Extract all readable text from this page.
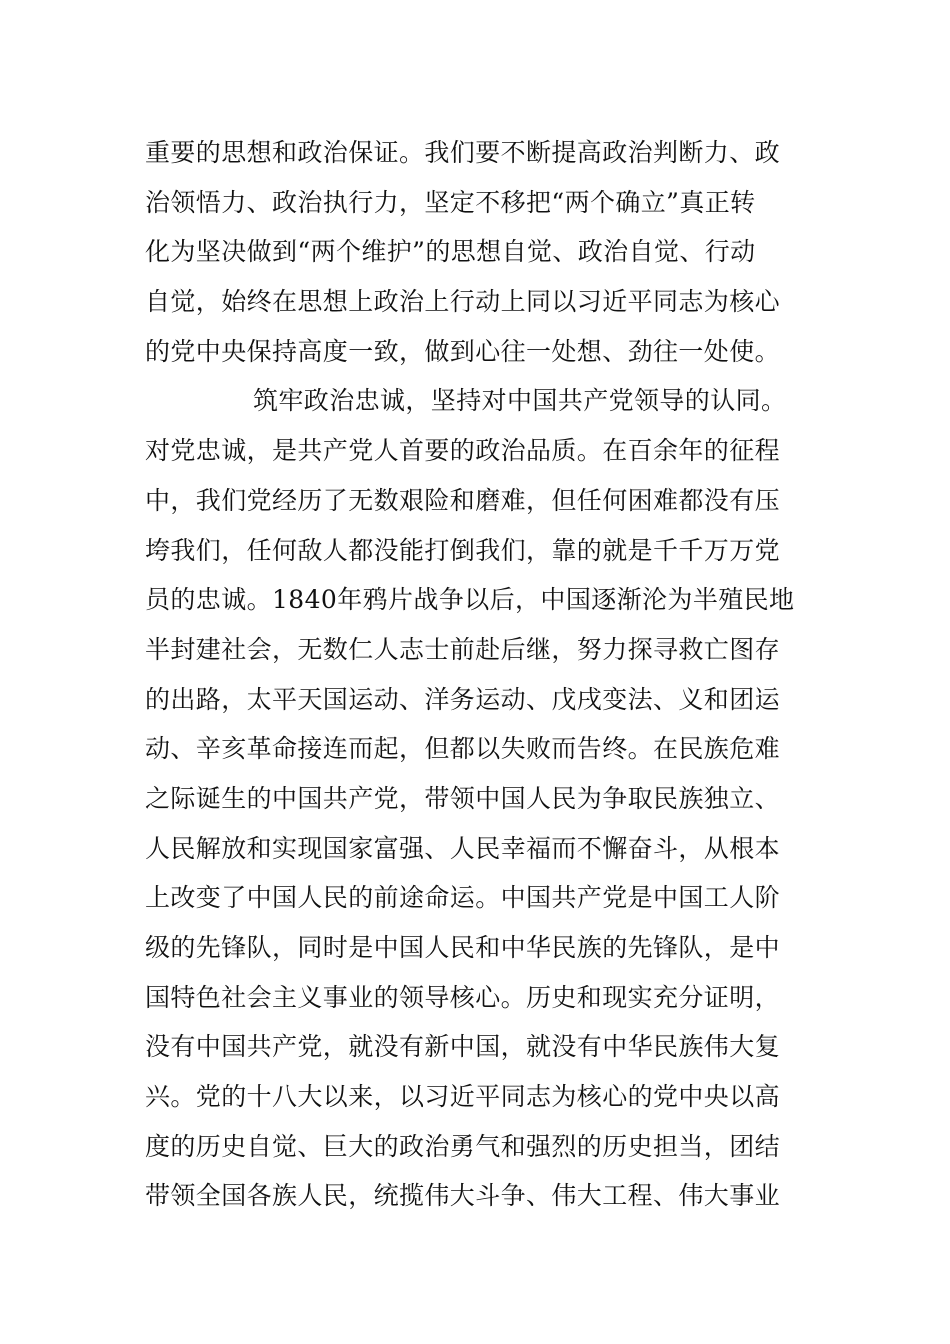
重要的思想和政治保证。我们要不断提高政治判断力、政
治领悟力、政治执行力，坚定不移把“两个确立”真正转
化为坚决做到“两个维护”的思想自觉、政治自觉、行动
自觉，始终在思想上政治上行动上同以习近平同志为核心
的党中央保持高度一致，做到心往一处想、劲往一处使。
筑牢政治忠诚，坚持对中国共产党领导的认同。
对党忠诚，是共产党人首要的政治品质。在百余年的征程
中，我们党经历了无数艰险和磨难，但任何困难都没有压
垮我们，任何敌人都没能打倒我们，靠的就是千千万万党
员的忠诚。1840年鸦片战争以后，中国逐渐沦为半殖民地
半封建社会，无数仁人志士前赴后继，努力探寻救亡图存
的出路，太平天国运动、洋务运动、戊戌变法、义和团运
动、辛亥革命接连而起，但都以失败而告终。在民族危难
之际诞生的中国共产党，带领中国人民为争取民族独立、
人民解放和实现国家富强、人民幸福而不懈奋斗，从根本
上改变了中国人民的前途命运。中国共产党是中国工人阶
级的先锋队，同时是中国人民和中华民族的先锋队，是中
国特色社会主义事业的领导核心。历史和现实充分证明，
没有中国共产党，就没有新中国，就没有中华民族伟大复
兴。党的十八大以来，以习近平同志为核心的党中央以高
度的历史自觉、巨大的政治勇气和强烈的历史担当，团结
带领全国各族人民，统揽伟大斗争、伟大工程、伟大事业
